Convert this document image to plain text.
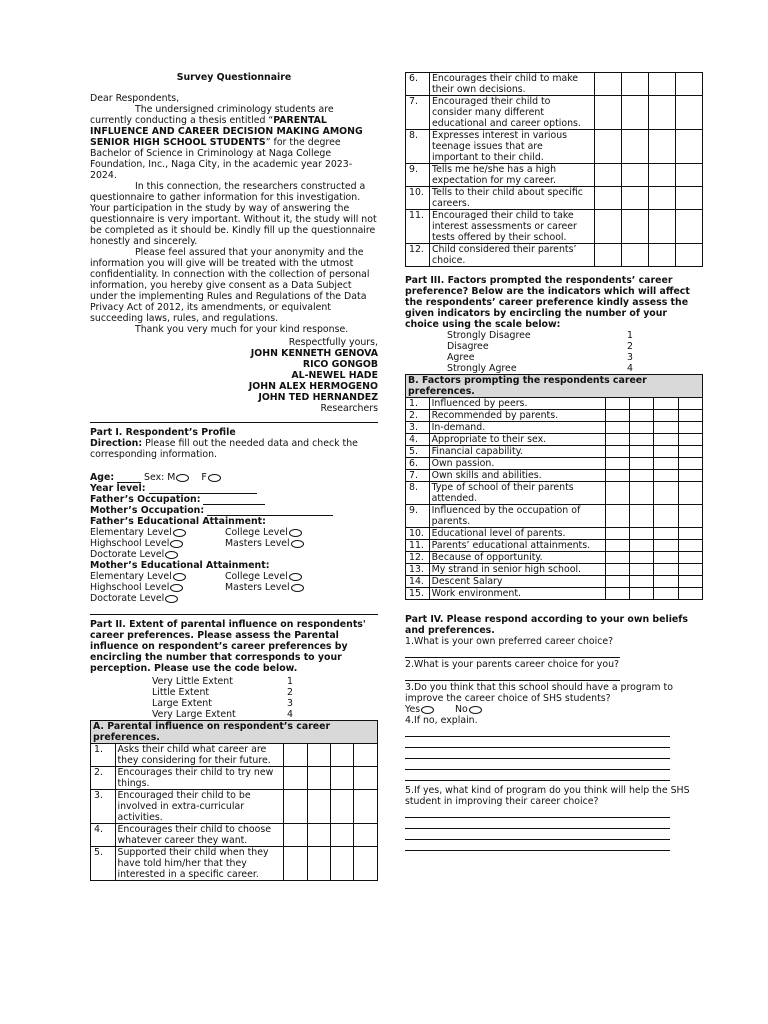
Survey Questionnaire

Dear Respondents,

The undersigned criminology students are currently conducting a thesis entitled “PARENTAL INFLUENCE AND CAREER DECISION MAKING AMONG SENIOR HIGH SCHOOL STUDENTS” for the degree Bachelor of Science in Criminology at Naga College Foundation, Inc., Naga City, in the academic year 2023-2024.

In this connection, the researchers constructed a questionnaire to gather information for this investigation. Your participation in the study by way of answering the questionnaire is very important. Without it, the study will not be completed as it should be. Kindly fill up the questionnaire honestly and sincerely.

Please feel assured that your anonymity and the information you will give will be treated with the utmost confidentiality. In connection with the collection of personal information, you hereby give consent as a Data Subject under the implementing Rules and Regulations of the Data Privacy Act of 2012, its amendments, or equivalent succeeding laws, rules, and regulations.

Thank you very much for your kind response.

Respectfully yours,

JOHN KENNETH GENOVA

RICO GONGOB

AL-NEWEL HADE

JOHN ALEX HERMOGENO

JOHN TED HERNANDEZ

Researchers

Part I. Respondent’s Profile

Direction: Please fill out the needed data and check the corresponding information.

Age:	Sex: M	F

Year level:

Father’s Occupation:

Mother’s Occupation:

Father’s Educational Attainment:

Elementary Level	College Level
Highschool Level	Masters Level
Doctorate Level

Mother’s Educational Attainment:

Elementary Level	College Level
Highschool Level	Masters Level
Doctorate Level

Part II. Extent of parental influence on respondents' career preferences. Please assess the Parental influence on respondent’s career preferences by encircling the number that corresponds to your perception. Please use the code below.

Very Little Extent	1
Little Extent	2
Large Extent	3
Very Large Extent	4
A. Parental influence on respondent’s career preferences.					
1.	Asks their child what career are they considering for their future.				
2.	Encourages their child to try new things.				
3.	Encouraged their child to be involved in extra-curricular activities.				
4.	Encourages their child to choose whatever career they want.				
5.	Supported their child when they have told him/her that they interested in a specific career.				
6.	Encourages their child to make their own decisions.				
7.	Encouraged their child to consider many different educational and career options.				
8.	Expresses interest in various teenage issues that are important to their child.				
9.	Tells me he/she has a high expectation for my career.				
10.	Tells to their child about specific careers.				
11.	Encouraged their child to take interest assessments or career tests offered by their school.				
12.	Child considered their parents’ choice.				

Part III. Factors prompted the respondents’ career preference? Below are the indicators which will affect the respondents’ career preference kindly assess the given indicators by encircling the number of your choice using the scale below:

Strongly Disagree	1
Disagree	2
Agree	3
Strongly Agree	4
B. Factors prompting the respondents career preferences.					
1.	Influenced by peers.				
2.	Recommended by parents.				
3.	In-demand.				
4.	Appropriate to their sex.				
5.	Financial capability.				
6.	Own passion.				
7.	Own skills and abilities.				
8.	Type of school of their parents attended.				
9.	Influenced by the occupation of parents.				
10.	Educational level of parents.				
11.	Parents’ educational attainments.				
12.	Because of opportunity.				
13.	My strand in senior high school.				
14.	Descent Salary				
15.	Work environment.				

Part IV. Please respond according to your own beliefs and preferences.

1.What is your own preferred career choice?

2.What is your parents career choice for you?

3.Do you think that this school should have a program to improve the career choice of SHS students?

Yes	No

4.If no, explain.

5.If yes, what kind of program do you think will help the SHS student in improving their career choice?
